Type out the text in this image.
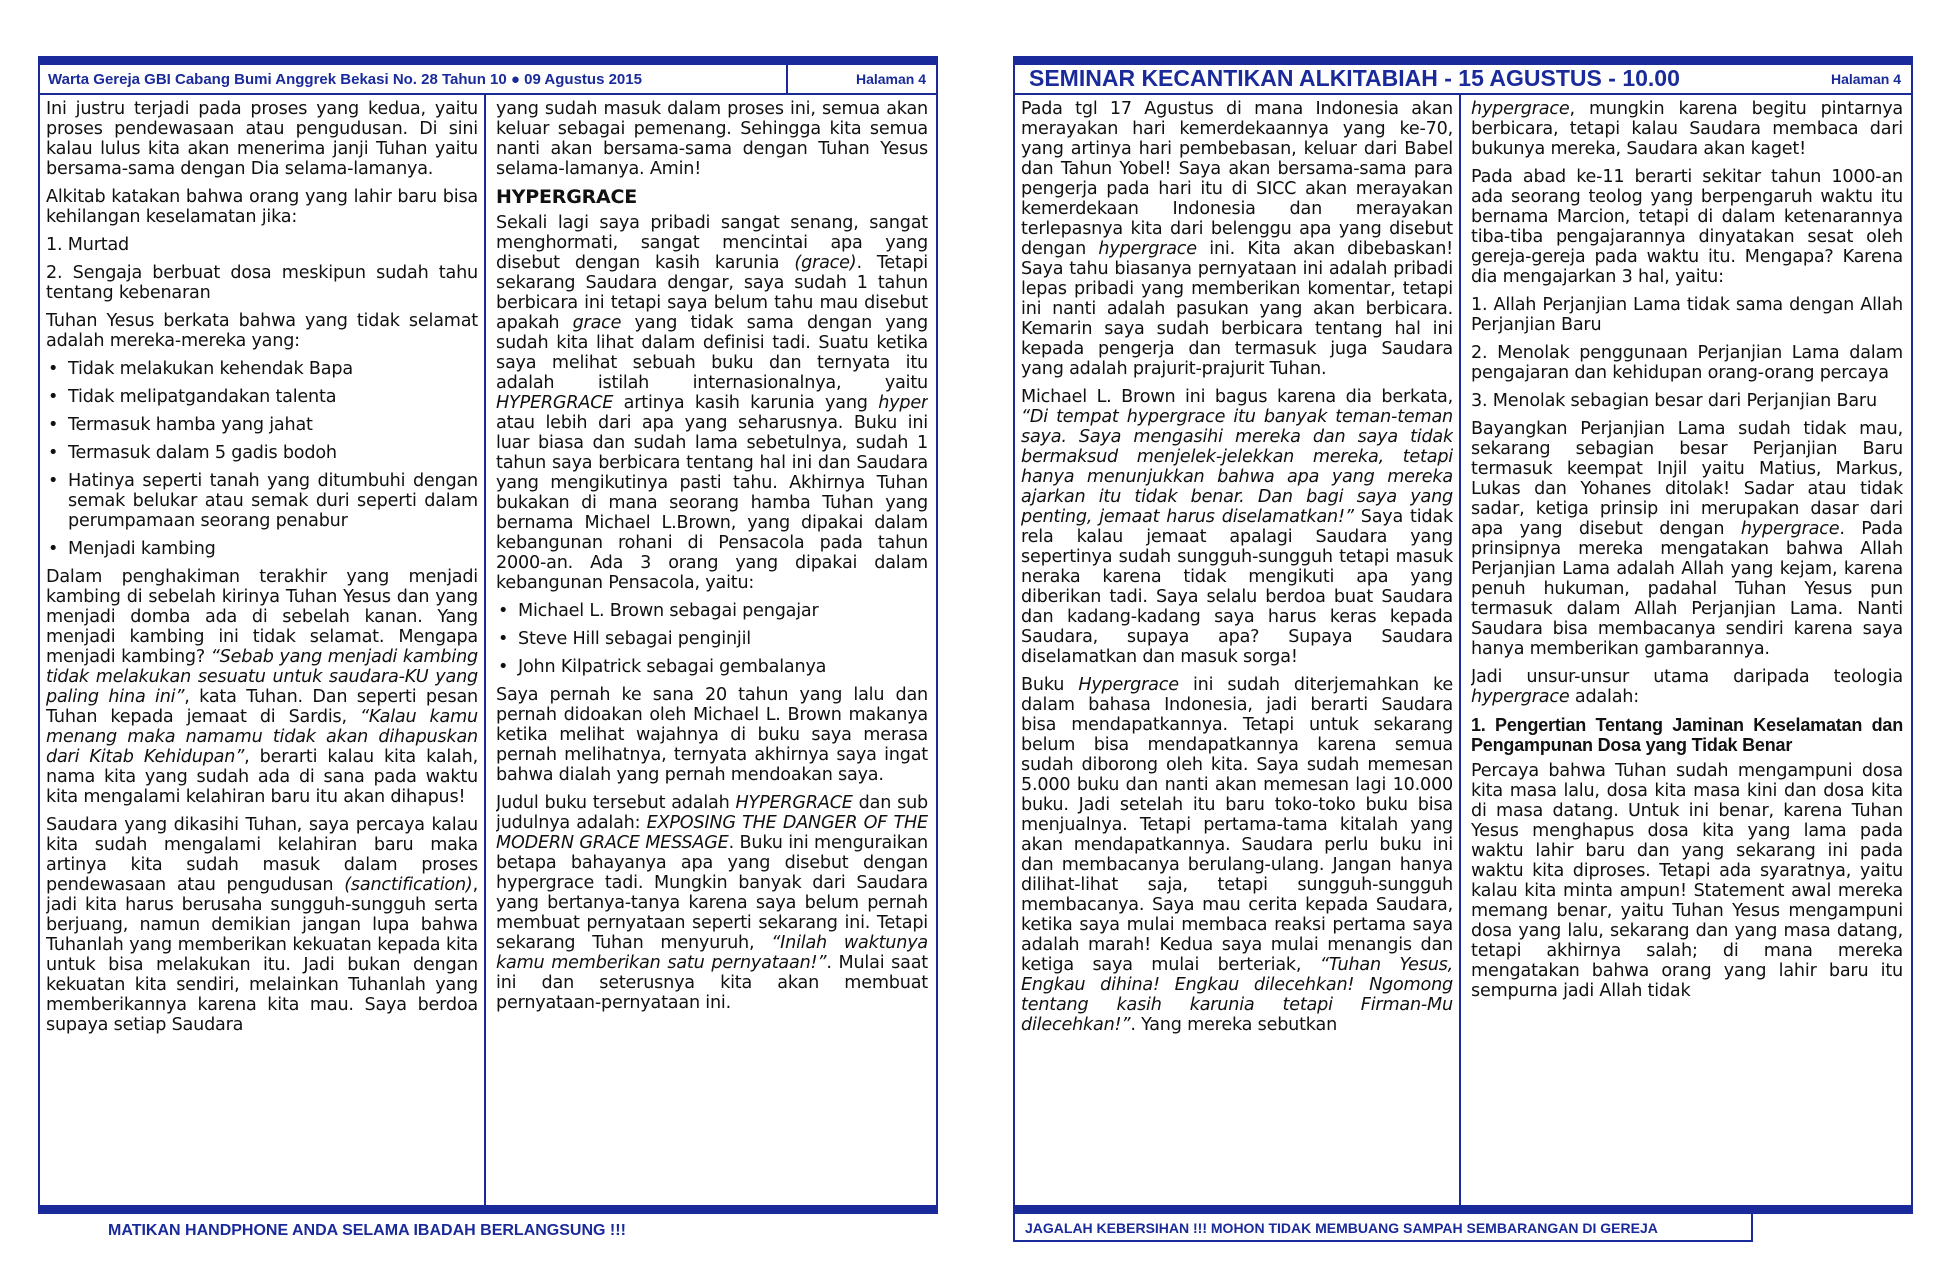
Warta Gereja GBI Cabang Bumi Anggrek Bekasi No. 28 Tahun 10 ● 09 Agustus 2015	Halaman 4

Ini justru terjadi pada proses yang kedua, yaitu proses pendewasaan atau pengudusan. Di sini kalau lulus kita akan menerima janji Tuhan yaitu bersama-sama dengan Dia selama-lamanya.

Alkitab katakan bahwa orang yang lahir baru bisa kehilangan keselamatan jika:

1. Murtad
2. Sengaja berbuat dosa meskipun sudah tahu tentang kebenaran

Tuhan Yesus berkata bahwa yang tidak selamat adalah mereka-mereka yang:

• Tidak melakukan kehendak Bapa
• Tidak melipatgandakan talenta
• Termasuk hamba yang jahat
• Termasuk dalam 5 gadis bodoh
• Hatinya seperti tanah yang ditumbuhi dengan semak belukar atau semak duri seperti dalam perumpamaan seorang penabur
• Menjadi kambing

Dalam penghakiman terakhir yang menjadi kambing di sebelah kirinya Tuhan Yesus dan yang menjadi domba ada di sebelah kanan. Yang menjadi kambing ini tidak selamat. Mengapa menjadi kambing? “Sebab yang menjadi kambing tidak melakukan sesuatu untuk saudara-KU yang paling hina ini”, kata Tuhan. Dan seperti pesan Tuhan kepada jemaat di Sardis, “Kalau kamu menang maka namamu tidak akan dihapuskan dari Kitab Kehidupan”, berarti kalau kita kalah, nama kita yang sudah ada di sana pada waktu kita mengalami kelahiran baru itu akan dihapus!

Saudara yang dikasihi Tuhan, saya percaya kalau kita sudah mengalami kelahiran baru maka artinya kita sudah masuk dalam proses pendewasaan atau pengudusan (sanctification), jadi kita harus berusaha sungguh-sungguh serta berjuang, namun demikian jangan lupa bahwa Tuhanlah yang memberikan kekuatan kepada kita untuk bisa melakukan itu. Jadi bukan dengan kekuatan kita sendiri, melainkan Tuhanlah yang memberikannya karena kita mau. Saya berdoa supaya setiap Saudara

yang sudah masuk dalam proses ini, semua akan keluar sebagai pemenang. Sehingga kita semua nanti akan bersama-sama dengan Tuhan Yesus selama-lamanya. Amin!

HYPERGRACE

Sekali lagi saya pribadi sangat senang, sangat menghormati, sangat mencintai apa yang disebut dengan kasih karunia (grace). Tetapi sekarang Saudara dengar, saya sudah 1 tahun berbicara ini tetapi saya belum tahu mau disebut apakah grace yang tidak sama dengan yang sudah kita lihat dalam definisi tadi. Suatu ketika saya melihat sebuah buku dan ternyata itu adalah istilah internasionalnya, yaitu HYPERGRACE artinya kasih karunia yang hyper atau lebih dari apa yang seharusnya. Buku ini luar biasa dan sudah lama sebetulnya, sudah 1 tahun saya berbicara tentang hal ini dan Saudara yang mengikutinya pasti tahu. Akhirnya Tuhan bukakan di mana seorang hamba Tuhan yang bernama Michael L.Brown, yang dipakai dalam kebangunan rohani di Pensacola pada tahun 2000-an. Ada 3 orang yang dipakai dalam kebangunan Pensacola, yaitu:

• Michael L. Brown sebagai pengajar
• Steve Hill sebagai penginjil
• John Kilpatrick sebagai gembalanya

Saya pernah ke sana 20 tahun yang lalu dan pernah didoakan oleh Michael L. Brown makanya ketika melihat wajahnya di buku saya merasa pernah melihatnya, ternyata akhirnya saya ingat bahwa dialah yang pernah mendoakan saya.

Judul buku tersebut adalah HYPERGRACE dan sub judulnya adalah: EXPOSING THE DANGER OF THE MODERN GRACE MESSAGE. Buku ini menguraikan betapa bahayanya apa yang disebut dengan hypergrace tadi. Mungkin banyak dari Saudara yang bertanya-tanya karena saya belum pernah membuat pernyataan seperti sekarang ini. Tetapi sekarang Tuhan menyuruh, “Inilah waktunya kamu memberikan satu pernyataan!”. Mulai saat ini dan seterusnya kita akan membuat pernyataan-pernyataan ini.

MATIKAN HANDPHONE ANDA SELAMA IBADAH BERLANGSUNG !!!
SEMINAR KECANTIKAN ALKITABIAH - 15 AGUSTUS - 10.00	Halaman 4

Pada tgl 17 Agustus di mana Indonesia akan merayakan hari kemerdekaannya yang ke-70, yang artinya hari pembebasan, keluar dari Babel dan Tahun Yobel! Saya akan bersama-sama para pengerja pada hari itu di SICC akan merayakan kemerdekaan Indonesia dan merayakan terlepasnya kita dari belenggu apa yang disebut dengan hypergrace ini. Kita akan dibebaskan! Saya tahu biasanya pernyataan ini adalah pribadi lepas pribadi yang memberikan komentar, tetapi ini nanti adalah pasukan yang akan berbicara. Kemarin saya sudah berbicara tentang hal ini kepada pengerja dan termasuk juga Saudara yang adalah prajurit-prajurit Tuhan.

Michael L. Brown ini bagus karena dia berkata, “Di tempat hypergrace itu banyak teman-teman saya. Saya mengasihi mereka dan saya tidak bermaksud menjelek-jelekkan mereka, tetapi hanya menunjukkan bahwa apa yang mereka ajarkan itu tidak benar. Dan bagi saya yang penting, jemaat harus diselamatkan!” Saya tidak rela kalau jemaat apalagi Saudara yang sepertinya sudah sungguh-sungguh tetapi masuk neraka karena tidak mengikuti apa yang diberikan tadi. Saya selalu berdoa buat Saudara dan kadang-kadang saya harus keras kepada Saudara, supaya apa? Supaya Saudara diselamatkan dan masuk sorga!

Buku Hypergrace ini sudah diterjemahkan ke dalam bahasa Indonesia, jadi berarti Saudara bisa mendapatkannya. Tetapi untuk sekarang belum bisa mendapatkannya karena semua sudah diborong oleh kita. Saya sudah memesan 5.000 buku dan nanti akan memesan lagi 10.000 buku. Jadi setelah itu baru toko-toko buku bisa menjualnya. Tetapi pertama-tama kitalah yang akan mendapatkannya. Saudara perlu buku ini dan membacanya berulang-ulang. Jangan hanya dilihat-lihat saja, tetapi sungguh-sungguh membacanya. Saya mau cerita kepada Saudara, ketika saya mulai membaca reaksi pertama saya adalah marah! Kedua saya mulai menangis dan ketiga saya mulai berteriak, “Tuhan Yesus, Engkau dihina! Engkau dilecehkan! Ngomong tentang kasih karunia tetapi Firman-Mu dilecehkan!”. Yang mereka sebutkan

hypergrace, mungkin karena begitu pintarnya berbicara, tetapi kalau Saudara membaca dari bukunya mereka, Saudara akan kaget!

Pada abad ke-11 berarti sekitar tahun 1000-an ada seorang teolog yang berpengaruh waktu itu bernama Marcion, tetapi di dalam ketenarannya tiba-tiba pengajarannya dinyatakan sesat oleh gereja-gereja pada waktu itu. Mengapa? Karena dia mengajarkan 3 hal, yaitu:

1. Allah Perjanjian Lama tidak sama dengan Allah Perjanjian Baru
2. Menolak penggunaan Perjanjian Lama dalam pengajaran dan kehidupan orang-orang percaya
3. Menolak sebagian besar dari Perjanjian Baru

Bayangkan Perjanjian Lama sudah tidak mau, sekarang sebagian besar Perjanjian Baru termasuk keempat Injil yaitu Matius, Markus, Lukas dan Yohanes ditolak! Sadar atau tidak sadar, ketiga prinsip ini merupakan dasar dari apa yang disebut dengan hypergrace. Pada prinsipnya mereka mengatakan bahwa Allah Perjanjian Lama adalah Allah yang kejam, karena penuh hukuman, padahal Tuhan Yesus pun termasuk dalam Allah Perjanjian Lama. Nanti Saudara bisa membacanya sendiri karena saya hanya memberikan gambarannya.

Jadi unsur-unsur utama daripada teologia hypergrace adalah:

1. Pengertian Tentang Jaminan Keselamatan dan Pengampunan Dosa yang Tidak Benar

Percaya bahwa Tuhan sudah mengampuni dosa kita masa lalu, dosa kita masa kini dan dosa kita di masa datang. Untuk ini benar, karena Tuhan Yesus menghapus dosa kita yang lama pada waktu lahir baru dan yang sekarang ini pada waktu kita diproses. Tetapi ada syaratnya, yaitu kalau kita minta ampun! Statement awal mereka memang benar, yaitu Tuhan Yesus mengampuni dosa yang lalu, sekarang dan yang masa datang, tetapi akhirnya salah; di mana mereka mengatakan bahwa orang yang lahir baru itu sempurna jadi Allah tidak

JAGALAH KEBERSIHAN !!! MOHON TIDAK MEMBUANG SAMPAH SEMBARANGAN DI GEREJA
